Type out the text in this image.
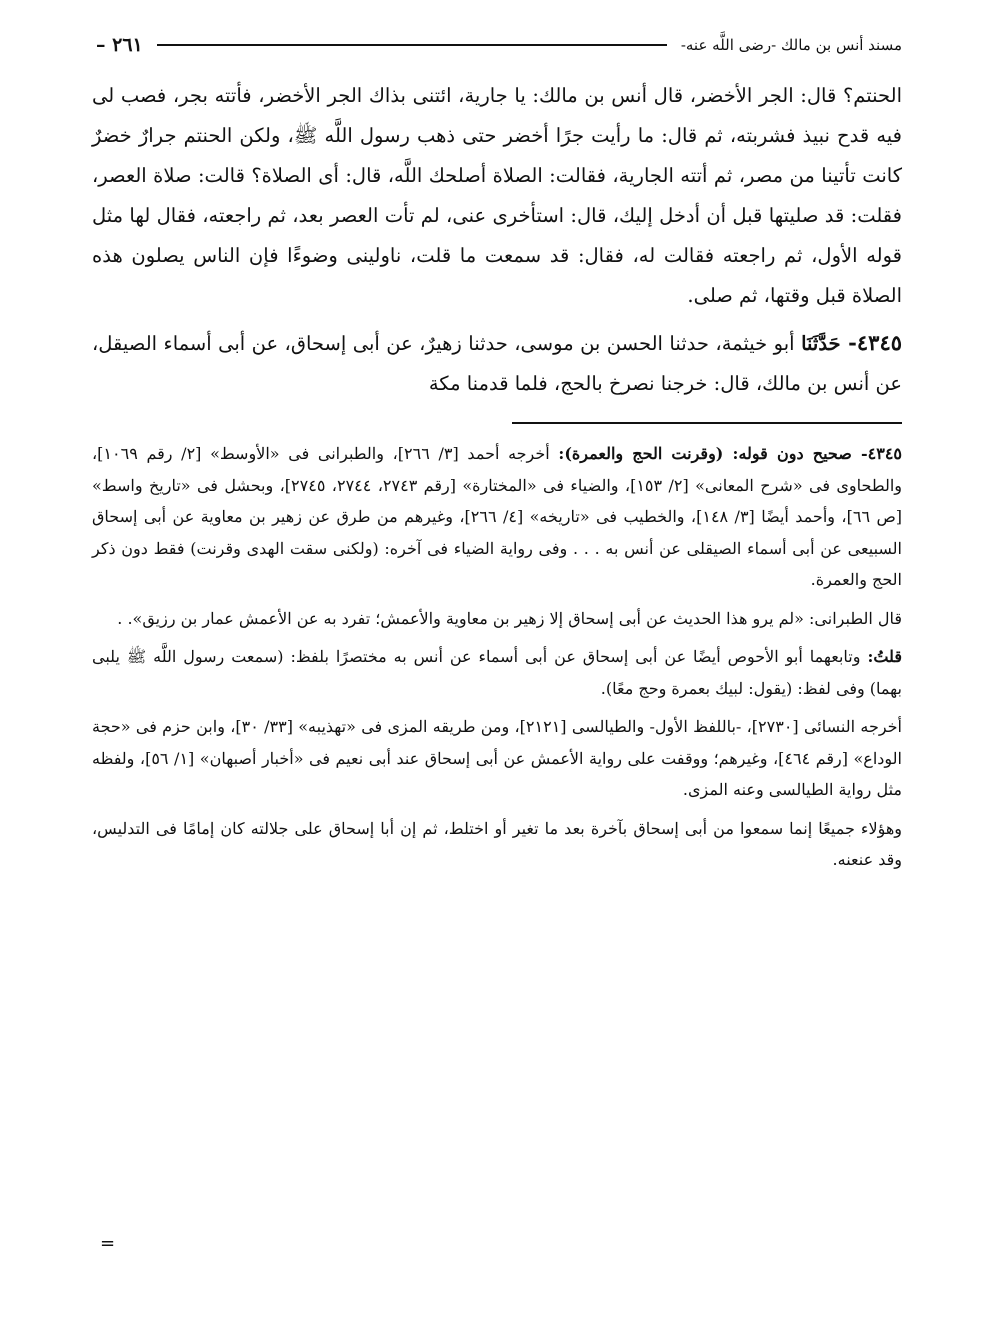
مسند أنس بن مالك -رضى اللَّه عنه-
٢٦١ –

الحنتم؟ قال: الجر الأخضر، قال أنس بن مالك: يا جارية، ائتنى بذاك الجر الأخضر، فأتته بجر، فصب لى فيه قدح نبيذ فشربته، ثم قال: ما رأيت جرًا أخضر حتى ذهب رسول اللَّه ﷺ، ولكن الحنتم جرارٌ خضرٌ كانت تأتينا من مصر، ثم أتته الجارية، فقالت: الصلاة أصلحك اللَّه، قال: أى الصلاة؟ قالت: صلاة العصر، فقلت: قد صليتها قبل أن أدخل إليك، قال: استأخرى عنى، لم تأت العصر بعد، ثم راجعته، فقال لها مثل قوله الأول، ثم راجعته فقالت له، فقال: قد سمعت ما قلت، ناولينى وضوءًا فإن الناس يصلون هذه الصلاة قبل وقتها، ثم صلى.

٤٣٤٥- حَدَّثَنَا أبو خيثمة، حدثنا الحسن بن موسى، حدثنا زهيرٌ، عن أبى إسحاق، عن أبى أسماء الصيقل، عن أنس بن مالك، قال: خرجنا نصرخ بالحج، فلما قدمنا مكة

٤٣٤٥- صحيح دون قوله: (وقرنت الحج والعمرة): أخرجه أحمد [٣/ ٢٦٦]، والطبرانى فى «الأوسط» [٢/ رقم ١٠٦٩]، والطحاوى فى «شرح المعانى» [٢/ ١٥٣]، والضياء فى «المختارة» [رقم ٢٧٤٣، ٢٧٤٤، ٢٧٤٥]، وبحشل فى «تاريخ واسط» [ص ٦٦]، وأحمد أيضًا [٣/ ١٤٨]، والخطيب فى «تاريخه» [٤/ ٢٦٦]، وغيرهم من طرق عن زهير بن معاوية عن أبى إسحاق السبيعى عن أبى أسماء الصيقلى عن أنس به . . . وفى رواية الضياء فى آخره: (ولكنى سقت الهدى وقرنت) فقط دون ذكر الحج والعمرة.

قال الطبرانى: «لم يرو هذا الحديث عن أبى إسحاق إلا زهير بن معاوية والأعمش؛ تفرد به عن الأعمش عمار بن رزيق». .

قلتُ: وتابعهما أبو الأحوص أيضًا عن أبى إسحاق عن أبى أسماء عن أنس به مختصرًا بلفظ: (سمعت رسول اللَّه ﷺ يلبى بهما) وفى لفظ: (يقول: لبيك بعمرة وحج معًا).

أخرجه النسائى [٢٧٣٠]، -باللفظ الأول- والطيالسى [٢١٢١]، ومن طريقه المزى فى «تهذيبه» [٣٣/ ٣٠]، وابن حزم فى «حجة الوداع» [رقم ٤٦٤]، وغيرهم؛ ووقفت على رواية الأعمش عن أبى إسحاق عند أبى نعيم فى «أخبار أصبهان» [١/ ٥٦]، ولفظه مثل رواية الطيالسى وعنه المزى.

وهؤلاء جميعًا إنما سمعوا من أبى إسحاق بآخرة بعد ما تغير أو اختلط، ثم إن أبا إسحاق على جلالته كان إمامًا فى التدليس، وقد عنعنه.

=
